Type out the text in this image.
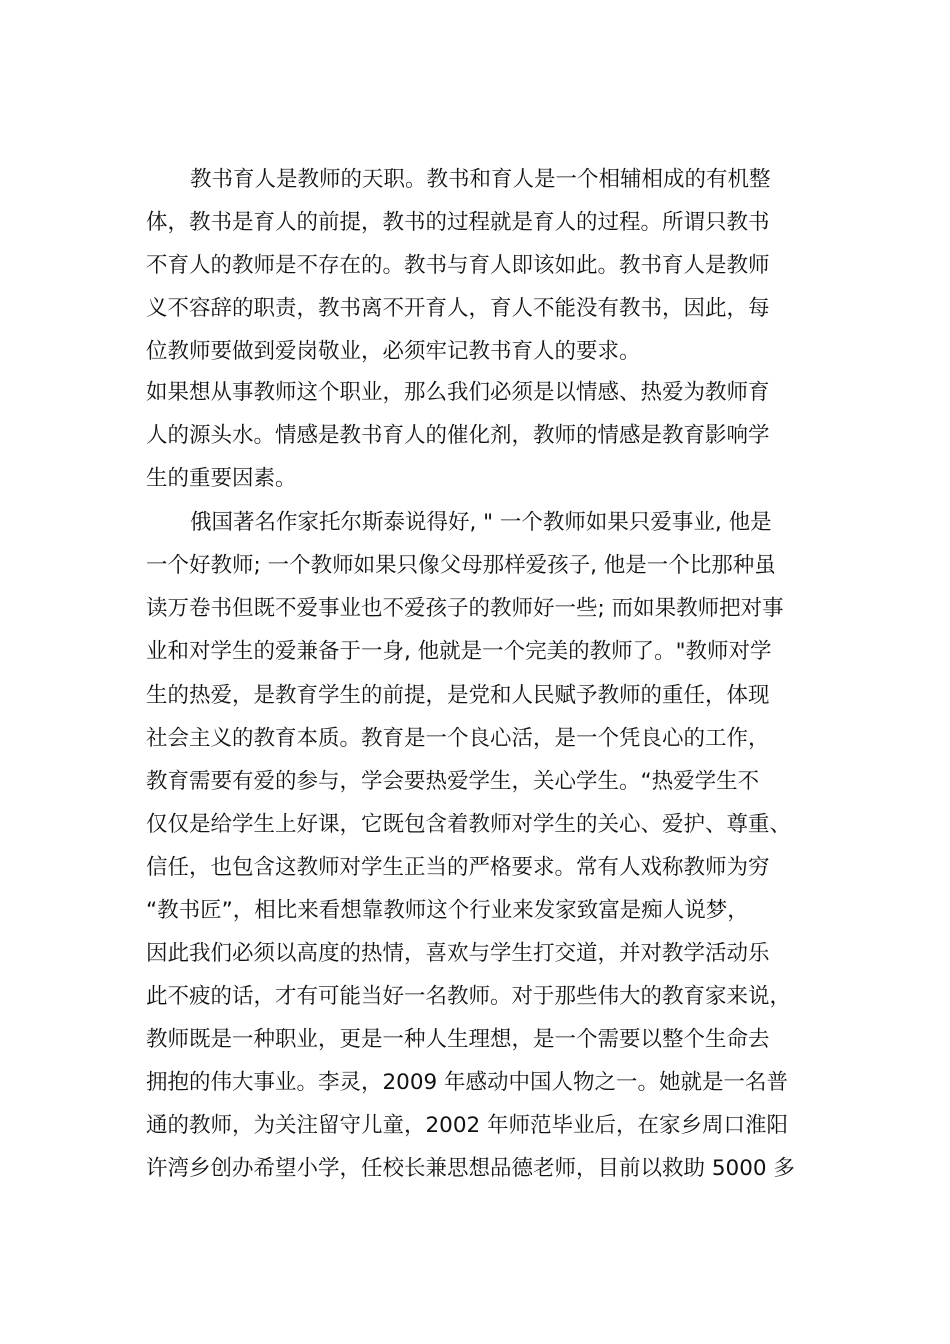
教书育人是教师的天职。教书和育人是一个相辅相成的有机整
体，教书是育人的前提，教书的过程就是育人的过程。所谓只教书
不育人的教师是不存在的。教书与育人即该如此。教书育人是教师
义不容辞的职责，教书离不开育人，育人不能没有教书，因此，每
位教师要做到爱岗敬业，必须牢记教书育人的要求。
如果想从事教师这个职业，那么我们必须是以情感、热爱为教师育
人的源头水。情感是教书育人的催化剂，教师的情感是教育影响学
生的重要因素。
俄国著名作家托尔斯泰说得好, " 一个教师如果只爱事业, 他是
一个好教师; 一个教师如果只像父母那样爱孩子, 他是一个比那种虽
读万卷书但既不爱事业也不爱孩子的教师好一些; 而如果教师把对事
业和对学生的爱兼备于一身, 他就是一个完美的教师了。"教师对学
生的热爱，是教育学生的前提，是党和人民赋予教师的重任，体现
社会主义的教育本质。教育是一个良心活，是一个凭良心的工作，
教育需要有爱的参与，学会要热爱学生，关心学生。“热爱学生不
仅仅是给学生上好课，它既包含着教师对学生的关心、爱护、尊重、
信任，也包含这教师对学生正当的严格要求。常有人戏称教师为穷
“教书匠”，相比来看想靠教师这个行业来发家致富是痴人说梦，
因此我们必须以高度的热情，喜欢与学生打交道，并对教学活动乐
此不疲的话，才有可能当好一名教师。对于那些伟大的教育家来说，
教师既是一种职业，更是一种人生理想，是一个需要以整个生命去
拥抱的伟大事业。李灵，2009 年感动中国人物之一。她就是一名普
通的教师，为关注留守儿童，2002 年师范毕业后，在家乡周口淮阳
许湾乡创办希望小学，任校长兼思想品德老师，目前以救助 5000 多
